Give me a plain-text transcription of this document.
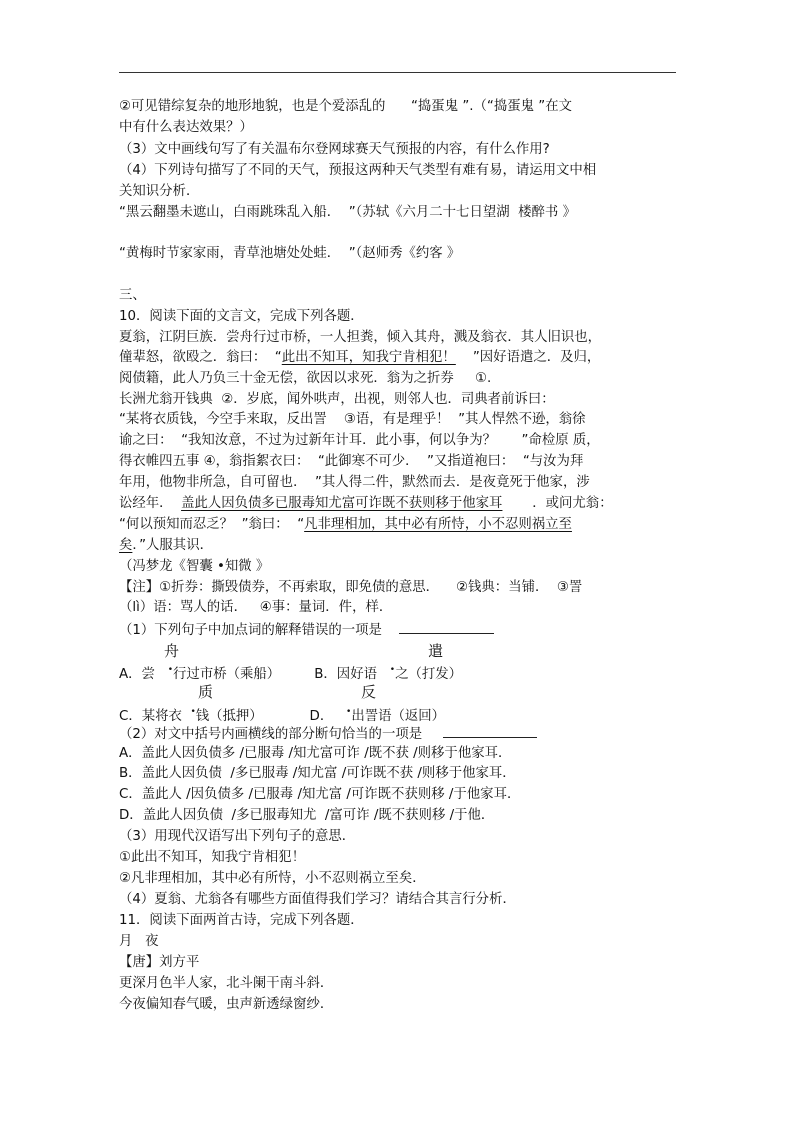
②可见错综复杂的地形地貌，也是个爱添乱的 “捣蛋鬼 ”.（“捣蛋鬼 ”在文
中有什么表达效果？）
（3）文中画线句写了有关温布尔登网球赛天气预报的内容，有什么作用?
（4）下列诗句描写了不同的天气，预报这两种天气类型有难有易，请运用文中相
关知识分析．
“黑云翻墨未遮山，白雨跳珠乱入船．  ”（苏轼《六月二十七日望湖  楼醉书 》
“黄梅时节家家雨，青草池塘处处蛙．  ”（赵师秀《约客 》
三、
10．阅读下面的文言文，完成下列各题．
夏翁，江阴巨族．尝舟行过市桥，一人担粪，倾入其舟，溅及翁衣．其人旧识也，
僮辈怒，欲殴之．翁曰：  “此出不知耳，知我宁肯相犯！ ”因好语遣之．及归，
阅债籍，此人乃负三十金无偿，欲因以求死．翁为之折券     ①.
长洲尤翁开钱典  ②．岁底，闻外哄声，出视，则邻人也．司典者前诉曰：
“某将衣质钱，今空手来取，反出詈    ③语，有是理乎！  ”其人悍然不逊，翁徐
谕之曰：  “我知汝意，不过为过新年计耳．此小事，何以争为？      ”命检原 质，
得衣帷四五事 ④，翁指絮衣曰：  “此御寒不可少．  ”又指道袍曰：  “与汝为拜
年用，他物非所急，自可留也．  ”其人得二件，默然而去．是夜竟死于他家，涉
讼经年． 盖此人因负债多已服毒知尤富可诈既不获则移于他家耳 ．或问尤翁：
“何以预知而忍乏？  ”翁曰：  “凡非理相加，其中必有所恃，小不忍则祸立至
矣．”人服其识．
（冯梦龙《智囊 •知微 》
【注】①折券：撕毁债券，不再索取，即免债的意思．    ②钱典：当铺．  ③詈
（lì）语：骂人的话．   ④事：量词．件，样．
（1）下列句子中加点词的解释错误的一项是
舟	遣
A．尝 •行过市桥（乘船）	B．因好语 •之（打发）
质	反
C．某将衣 •钱（抵押）	D． •出詈语（返回）
（2）对文中括号内画横线的部分断句恰当的一项是
A．盖此人因负债多 /已服毒 /知尤富可诈 /既不获 /则移于他家耳．
B．盖此人因负债  /多已服毒 /知尤富 /可诈既不获 /则移于他家耳．
C．盖此人 /因负债多 /已服毒 /知尤富 /可诈既不获则移 /于他家耳．
D．盖此人因负债  /多已服毒知尤  /富可诈 /既不获则移 /于他．
（3）用现代汉语写出下列句子的意思．
①此出不知耳，知我宁肯相犯！
②凡非理相加，其中必有所恃，小不忍则祸立至矣．
（4）夏翁、尤翁各有哪些方面值得我们学习？请结合其言行分析．
11．阅读下面两首古诗，完成下列各题．
月   夜
【唐】刘方平
更深月色半人家，北斗阑干南斗斜．
今夜偏知春气暖，虫声新透绿窗纱．
